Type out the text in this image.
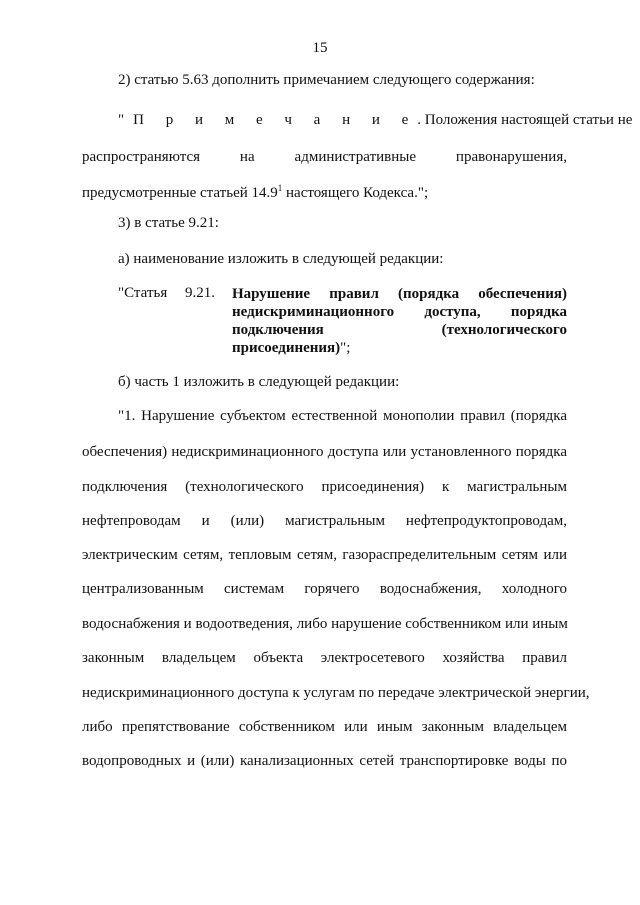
15
2) статью 5.63 дополнить примечанием следующего содержания:
"П р и м е ч а н и е. Положения настоящей статьи не
распространяются на административные правонарушения,
предусмотренные статьей 14.9$^1$ настоящего Кодекса.";
3) в статье 9.21:
а) наименование изложить в следующей редакции:
"Статья 9.21. Нарушение правил (порядка обеспечения)
недискриминационного доступа, порядка
подключения (технологического
присоединения)";
б) часть 1 изложить в следующей редакции:
"1. Нарушение субъектом естественной монополии правил (порядка
обеспечения) недискриминационного доступа или установленного порядка
подключения (технологического присоединения) к магистральным
нефтепроводам и (или) магистральным нефтепродуктопроводам,
электрическим сетям, тепловым сетям, газораспределительным сетям или
централизованным системам горячего водоснабжения, холодного
водоснабжения и водоотведения, либо нарушение собственником или иным
законным владельцем объекта электросетевого хозяйства правил
недискриминационного доступа к услугам по передаче электрической энергии,
либо препятствование собственником или иным законным владельцем
водопроводных и (или) канализационных сетей транспортировке воды по
